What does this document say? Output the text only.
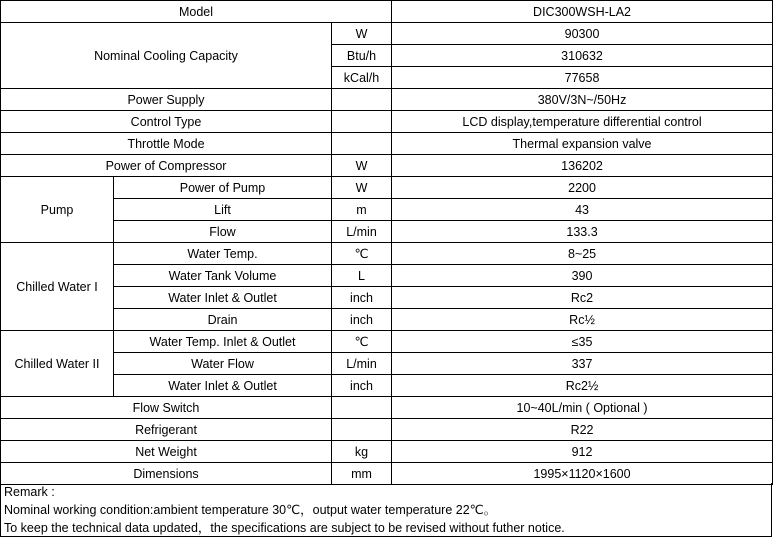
Model			DIC300WSH-LA2
Nominal Cooling Capacity		W	90300
		Btu/h	310632
		kCal/h	77658
Power Supply			380V/3N~/50Hz
Control Type			LCD display,temperature differential control
Throttle Mode			Thermal expansion valve
Power of Compressor		W	136202
Pump	Power of Pump	W	2200
	Lift	m	43
	Flow	L/min	133.3
Chilled Water I	Water Temp.	℃	8~25
	Water Tank Volume	L	390
	Water Inlet & Outlet	inch	Rc2
	Drain	inch	Rc½
Chilled Water II	Water Temp. Inlet & Outlet	℃	≤35
	Water Flow	L/min	337
	Water Inlet & Outlet	inch	Rc2½
Flow Switch			10~40L/min ( Optional )
Refrigerant			R22
Net Weight		kg	912
Dimensions		mm	1995×1120×1600
Remark :
Nominal working condition:ambient temperature 30℃，output water temperature 22℃。
To keep the technical data updated，the specifications are subject to be revised without futher notice.
